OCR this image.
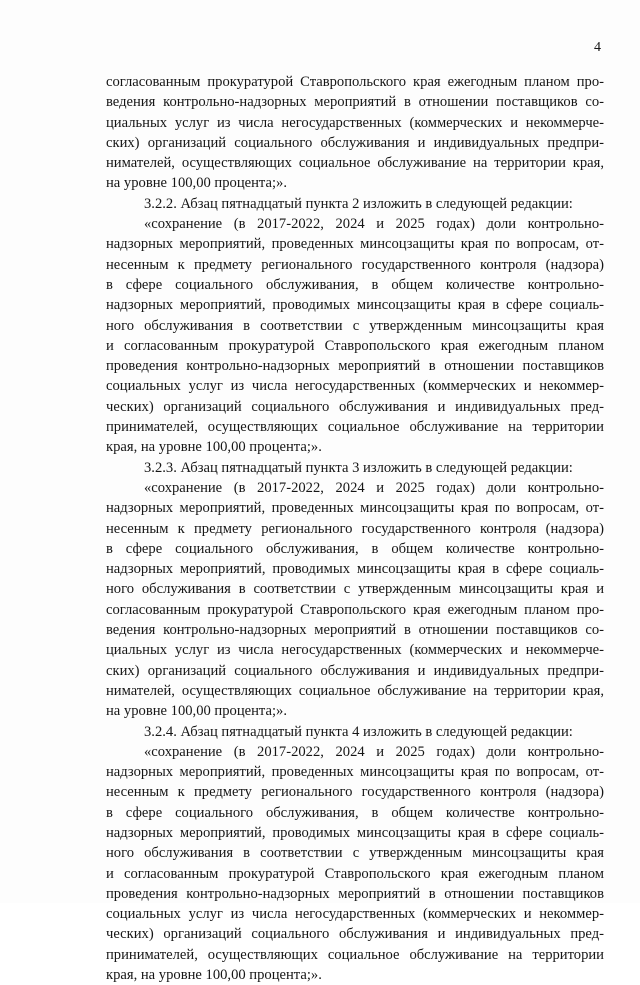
4
согласованным прокуратурой Ставропольского края ежегодным планом про-
ведения контрольно-надзорных мероприятий в отношении поставщиков со-
циальных услуг из числа негосударственных (коммерческих и некоммерче-
ских) организаций социального обслуживания и индивидуальных предпри-
нимателей, осуществляющих социальное обслуживание на территории края,
на уровне 100,00 процента;».
3.2.2. Абзац пятнадцатый пункта 2 изложить в следующей редакции:
«сохранение (в 2017-2022, 2024 и 2025 годах) доли контрольно-
надзорных мероприятий, проведенных минсоцзащиты края по вопросам, от-
несенным к предмету регионального государственного контроля (надзора)
в сфере социального обслуживания, в общем количестве контрольно-
надзорных мероприятий, проводимых минсоцзащиты края в сфере социаль-
ного обслуживания в соответствии с утвержденным минсоцзащиты края
и согласованным прокуратурой Ставропольского края ежегодным планом
проведения контрольно-надзорных мероприятий в отношении поставщиков
социальных услуг из числа негосударственных (коммерческих и некоммер-
ческих) организаций социального обслуживания и индивидуальных пред-
принимателей, осуществляющих социальное обслуживание на территории
края, на уровне 100,00 процента;».
3.2.3. Абзац пятнадцатый пункта 3 изложить в следующей редакции:
«сохранение (в 2017-2022, 2024 и 2025 годах) доли контрольно-
надзорных мероприятий, проведенных минсоцзащиты края по вопросам, от-
несенным к предмету регионального государственного контроля (надзора)
в сфере социального обслуживания, в общем количестве контрольно-
надзорных мероприятий, проводимых минсоцзащиты края в сфере социаль-
ного обслуживания в соответствии с утвержденным минсоцзащиты края и
согласованным прокуратурой Ставропольского края ежегодным планом про-
ведения контрольно-надзорных мероприятий в отношении поставщиков со-
циальных услуг из числа негосударственных (коммерческих и некоммерче-
ских) организаций социального обслуживания и индивидуальных предпри-
нимателей, осуществляющих социальное обслуживание на территории края,
на уровне 100,00 процента;».
3.2.4. Абзац пятнадцатый пункта 4 изложить в следующей редакции:
«сохранение (в 2017-2022, 2024 и 2025 годах) доли контрольно-
надзорных мероприятий, проведенных минсоцзащиты края по вопросам, от-
несенным к предмету регионального государственного контроля (надзора)
в сфере социального обслуживания, в общем количестве контрольно-
надзорных мероприятий, проводимых минсоцзащиты края в сфере социаль-
ного обслуживания в соответствии с утвержденным минсоцзащиты края
и согласованным прокуратурой Ставропольского края ежегодным планом
проведения контрольно-надзорных мероприятий в отношении поставщиков
социальных услуг из числа негосударственных (коммерческих и некоммер-
ческих) организаций социального обслуживания и индивидуальных пред-
принимателей, осуществляющих социальное обслуживание на территории
края, на уровне 100,00 процента;».
